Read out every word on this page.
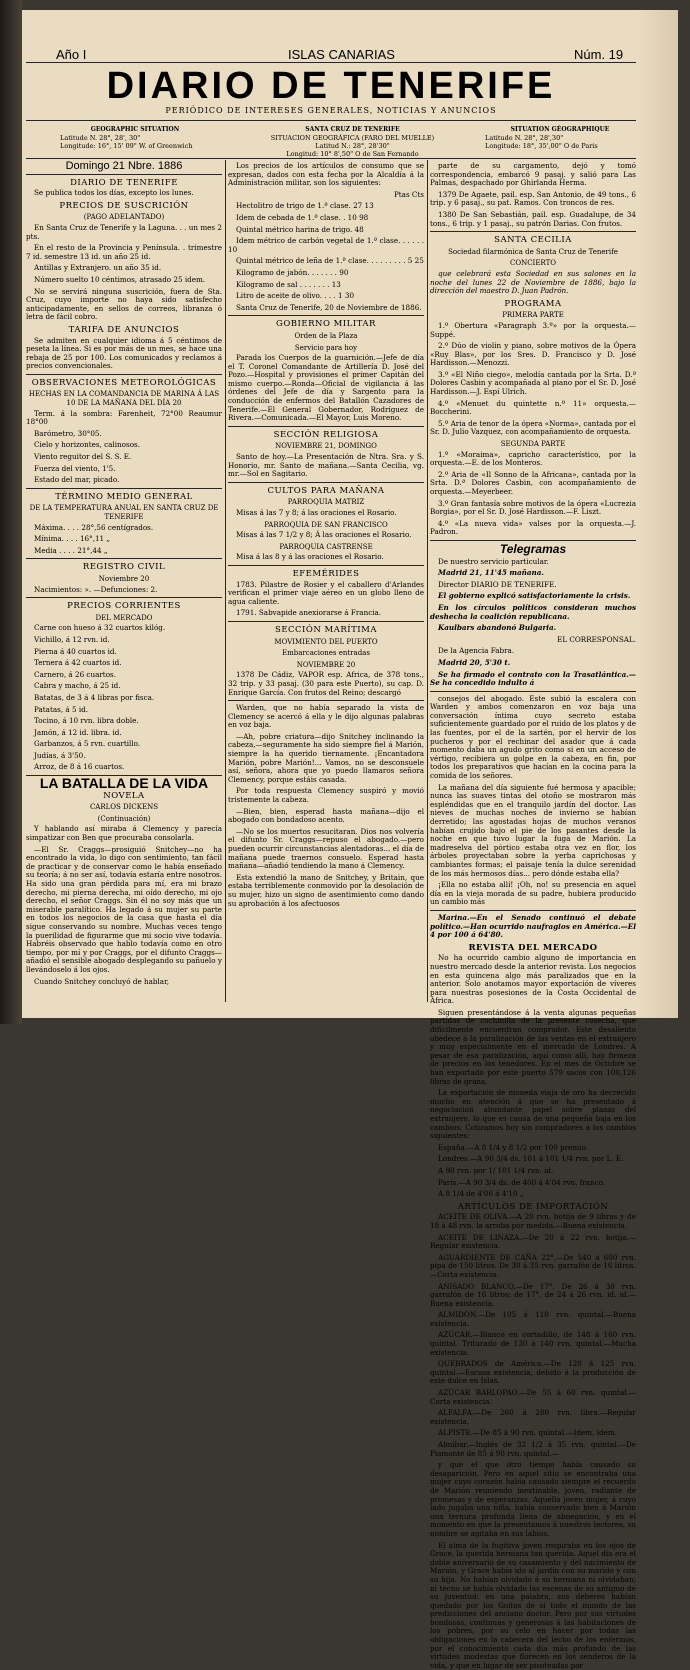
Año I	ISLAS CANARIAS	Núm. 19
DIARIO DE TENERIFE
PERIÓDICO DE INTERESES GENERALES, NOTICIAS Y ANUNCIOS
GEOGRAPHIC SITUATION
Latitude N. 28°, 28', 30"
Longitude: 16°, 15' 09" W. of Greenwich
SANTA CRUZ DE TENERIFE
SITUACION GEOGRÁFICA (FARO DEL MUELLE)
Latitud N.: 28°, 28'30"
Longitud: 10° 8',50" O de San Fernando
SITUATION GÉOGRAPHIQUE
Latitude N. 28°, 28',30"
Longitude: 18°, 35',00" O de Paris
Domingo 21 Nbre. 1886
DIARIO DE TENERIFE

Se publica todos los días, excepto los lunes.

PRECIOS DE SUSCRICIÓN
(PAGO ADELANTADO)

En Santa Cruz de Tenerife y la Laguna. . . un mes 2 pts.

En el resto de la Provincia y Península. . trimestre 7 id. semestre 13 id. un año 25 id.

Antillas y Extranjero. un año 35 id.

Número suelto 10 céntimos, atrasado 25 idem.

No se servirá ninguna suscrición, fuera de Sta. Cruz, cuyo importe no haya sido satisfecho anticipadamente, en sellos de correos, libranza ó letra de fácil cobro.

TARIFA DE ANUNCIOS

Se admiten en cualquier idioma á 5 céntimos de peseta la línea. Si es por más de un mes, se hace una rebaja de 25 por 100. Los comunicados y reclamos á precios convencionales.

OBSERVACIONES METEOROLÓGICAS
HECHAS EN LA COMANDANCIA DE MARINA Á LAS 10 DE LA MAÑANA DEL DÍA 20

Term. á la sombra: Farenheit, 72°00 Reaumur 18°00

Barómetro, 30°05.

Cielo y horizontes, calinosos.

Viento reguitor del S. S. E.

Fuerza del viento, 1'5.

Estado del mar, picado.

TÉRMINO MEDIO GENERAL
DE LA TEMPERATURA ANUAL EN SANTA CRUZ DE TENERIFE

Máxima. . . . 28°,56 centígrados.

Mínima. . . . 16°,11 „

Media . . . . 21°,44 „

REGISTRO CIVIL
Noviembre 20

Nacimientos: ». —Defunciones: 2.

PRECIOS CORRIENTES
DEL MERCADO

Carne con hueso á 32 cuartos kilóg.

Vichillo, á 12 rvn. id.

Pierna á 40 cuartos id.

Ternera á 42 cuartos id.

Carnero, á 26 cuartos.

Cabra y macho, á 25 id.

Batatas, de 3 á 4 libras por fisca.

Patatas, á 5 id.

Tocino, á 10 rvn. libra doble.

Jamón, á 12 id. libra. id.

Garbanzos, á 5 rvn. cuartillo.

Judías, á 3'50.

Arroz, de 8 á 16 cuartos.

LA BATALLA DE LA VIDA
NOVELA
CARLOS DICKENS
(Continuación)

Y hablando así miraba á Clemency y parecía simpatizar con Ben que procuraba consolarla.

—El Sr. Craggs—prosiguió Snitchey—no ha encontrado la vida, lo digo con sentimiento, tan fácil de practicar y de conservar como le había enseñado su teoría; á no ser así, todavía estaría entre nosotros. Ha sido una gran pérdida para mí, era mi brazo derecho, mi pierna derecha, mi oído derecho, mi ojo derecho, el señor Craggs. Sin él no soy más que un miserable paralítico. Ha legado á su mujer su parte en todos los negocios de la casa que hasta el día sigue conservando su nombre. Muchas veces tengo la puerilidad de figurarme que mi socio vive todavía. Habréis observado que hablo todavía como en otro tiempo, por mí y por Craggs, por el difunto Craggs—añadió el sensible abogado desplegando su pañuelo y llevándoselo á los ojos.

Cuando Snitchey concluyó de hablar,

Los precios de los artículos de consumo que se expresan, dados con esta fecha por la Alcaldía á la Administración militar, son los siguientes:

Ptas Cts

Hectolitro de trigo de 1.ª clase. 27 13

Idem de cebada de 1.ª clase. . 10 98

Quintal métrico harina de trigo. 48

Idem métrico de carbón vegetal de 1.ª clase. . . . . . 10

Quintal métrico de leña de 1.ª clase. . . . . . . . . 5 25

Kilogramo de jabón. . . . . . . 90

Kilogramo de sal . . . . . . . 13

Litro de aceite de olivo. . . . 1 30

Santa Cruz de Tenerife, 20 de Noviembre de 1886.

GOBIERNO MILITAR
Orden de la Plaza
Servicio para hoy

Parada los Cuerpos de la guarnición.—Jefe de día el T. Coronel Comandante de Artillería D. José del Pozo.—Hospital y provisiones el primer Capitán del mismo cuerpo.—Ronda—Oficial de vigilancia á las órdenes del Jefe de día y Sargento para la conducción de enfermos del Batallón Cazadores de Tenerife.—El General Gobernador, Rodríguez de Rivera.—Comunicada.—El Mayor, Luis Moreno.

SECCIÓN RELIGIOSA
NOVIEMBRE 21, DOMINGO

Santo de hoy.—La Presentación de Ntra. Sra. y S. Honorio, mr. Santo de mañana.—Santa Cecilia, vg. mr.—Sol en Sagitario.

CULTOS PARA MAÑANA
PARROQUIA MATRIZ

Misas á las 7 y 8; á las oraciones el Rosario.

PARROQUIA DE SAN FRANCISCO

Misas á las 7 1/2 y 8; Á las oraciones el Rosario.

PARROQUIA CASTRENSE

Misa á las 8 y á las oraciones el Rosario.

EFEMÉRIDES

1783. Pilastre de Rosier y el caballero d'Arlandes verifican el primer viaje aéreo en un globo lleno de agua caliente.

1791. Sabvapide anexiorarse á Francia.

SECCIÓN MARÍTIMA
MOVIMIENTO DEL PUERTO
Embarcaciones entradas
NOVIEMBRE 20

1378 De Cádiz, VAPOR esp. Africa, de 378 tons., 32 trip. y 33 pasaj. (30 para este Puerto), su cap. D. Enrique García. Con frutos del Reino; descargó

Warden, que no había separado la vista de Clemency se acercó á ella y le dijo algunas palabras en voz baja.

—Ah, pobre criatura—dijo Snitchey inclinando la cabeza,—seguramente ha sido siempre fiel á Marión, siempre la ha querido tiernamente. ¡Encantadora Marión, pobre Marión!... Vamos, no se desconsuele así, señora, ahora que yo puedo llamaros señora Clemency, porque estáis casada.

Por toda respuesta Clemency suspiró y movió tristemente la cabeza.

—Bien, bien, esperad hasta mañana—dijo el abogado con bondadoso acento.

—No se los muertos resucitaran. Dios nos volvería el difunto Sr. Craggs—repuso el abogado.—pero pueden ocurrir circunstancias alentadoras... el día de mañana puede traernos consuelo. Esperad hasta mañana—añadió tendiendo la mano á Clemency.

Esta extendió la mano de Snitchey, y Britain, que estaba terriblemente conmovido por la desolación de su mujer, hizo un signo de asentimiento como dando su aprobación á los afectuosos

parte de su cargamento, dejó y tomó correspondencia, embarcó 9 pasaj. y salió para Las Palmas, despachado por Ghirlanda Herma.

1379 De Agaete, pail. esp. San Antonio, de 49 tons., 6 trip. y 6 pasaj., su pat. Ramos. Con troncos de res.

1380 De San Sebastián, pail. esp. Guadalupe, de 34 tons., 6 trip. y 1 pasaj., su patrón Darias. Con frutos.

SANTA CECILIA
Sociedad filarmónica de Santa Cruz de Tenerife
CONCIERTO

que celebrará esta Sociedad en sus salones en la noche del lunes 22 de Noviembre de 1886, bajo la dirección del maestro D. Juan Padrón.

PROGRAMA
PRIMERA PARTE

1.º Obertura «Paragraph 3.º» por la orquesta.—Suppé.

2.º Dúo de violín y piano, sobre motivos de la Ópera «Ruy Blas», por los Sres. D. Francisco y D. José Hardisson.—Menozzi.

3.º «El Niño ciego», melodía cantada por la Srta. D.ª Dolores Casbin y acompañada al piano por el Sr. D. José Hardisson.—J. Espí Ulrich.

4.º «Menuet du quintette n.º 11» orquesta.—Boccherini.

5.º Aria de tenor de la ópera «Norma», cantada por el Sr. D. Julio Vazquez, con acompañamiento de orquesta.

SEGUNDA PARTE

1.º «Moraima», capricho característico, por la orquesta.—E. de los Monteros.

2.º Aria de «Il Sonno de la Africana», cantada por la Srta. D.ª Dolores Casbin, con acompañamiento de orquesta.—Meyerbeer.

3.º Gran fantasía sobre motivos de la ópera «Lucrezia Borgia», por el Sr. D. José Hardisson.—F. Liszt.

4.º «La nueva vida» valses por la orquesta.—J. Padron.

Telegramas

De nuestro servicio particular.

Madrid 21, 11'45 mañana.

Director DIARIO DE TENERIFE.

El gobierno explicó satisfactoriamente la crisis.

En los círculos políticos consideran muchos deshecha la coalición republicana.

Kaulbars abandonó Bulgaria.

EL CORRESPONSAL.

De la Agencia Fabra.

Madrid 20, 5'30 t.

Se ha firmado el contrato con la Trasatlántica.—Se ha concedido indulto á

consejos del abogado. Este subió la escalera con Warden y ambos comenzaron en voz baja una conversación íntima cuyo secreto estaba suficientemente guardado por el ruido de los platos y de las fuentes, por el de la sartén, por el hervir de los pucheros y por el rechinar del asador que á cada momento daba un agudo grito como si en un acceso de vértigo, recibiera un golpe en la cabeza, en fin, por todos los preparativos que hacían en la cocina para la comida de los señores.

La mañana del día siguiente fué hermosa y apacible; nunca las suaves tintas del otoño se mostraron más espléndidas que en el tranquilo jardín del doctor. Las nieves de muchas noches de invierno se habían derretido; las agostadas hojas de muchos veranos habían crujido bajo el pie de los pasantes desde la noche en que tuvo lugar la fuga de Marión. La madreselva del pórtico estaba otra vez en flor, los árboles proyectaban sobre la yerba caprichosas y cambiantes formas; el paisaje tenía la dulce serenidad de los más hermosos días... pero dónde estaba ella?

¡Ella no estaba allí! ¡Oh, no! su presencia en aquel día en la vieja morada de su padre, hubiera producido un cambio más

Marina.—En el Senado continuó el debate político.—Han ocurrido naufragios en América.—El 4 por 100 á 64'80.

REVISTA DEL MERCADO

No ha ocurrido cambio alguno de importancia en nuestro mercado desde la anterior revista. Los negocios en esta quincena algo más paralizados que en la anterior. Solo anotamos mayor exportación de víveres para nuestras posesiones de la Costa Occidental de África.

Siguen presentándose á la venta algunas pequeñas partidas de cochinilla de la presente cosecha, que difícilmente encuentran comprador. Este desaliento obedece á la paralización de las ventas en el extranjero y muy especialmente en el mercado de Londres. A pesar de esa paralización, aquí como allí, hay firmeza de precios en los tenedores. En el mes de Octubre se han exportado por este puerto 579 sacos con 100,126 libras de grana.

La exportación de moneda viaja de oro ha decrecido mucho en atención á que se ha presentado á negociación abundante papel sobre plazas del extranjero, lo que es causa de una pequeña baja en los cambios. Cotizamos hoy sin compradores á los cambios siguientes:

España.—A 8 1/4 y 8 1/2 por 100 premio.

Londres.—A 90 3/4 ds. 101 á 101 1/4 rvn. por L. E.

A 90 rvn. por 1/ 101 1/4 rvn. id.

París.—A 90 3/4 ds. de 400 á 4'04 rvn. franco.

A 8 1/4 de 4'06 á 4'10 „

ARTÍCULOS DE IMPORTACIÓN

ACEITE DE OLIVA.—A 20 rvn. botija de 9 libras y de 18 á 48 rvn. la arroba por medida.—Buena existencia.

ACEITE DE LINAZA.—De 20 á 22 rvn. botija.—Regular existencia.

AGUARDIENTE DE CAÑA 22°.—De 540 á 600 rvn. pipa de 150 litros. De 30 á 35 rvn. garrafón de 16 litros.—Corta existencia.

ANISADO BLANCO.—De 17°. De 26 á 30 rvn. garrafón de 16 litros; de 17°, de 24 á 26 rvn. id. id.—Buena existencia.

ALMIDÓN.—De 105 á 110 rvn. quintal.—Buena existencia.

AZÚCAR.—Blanco en cortadillo, de 148 á 160 rvn. quintal. Triturado de 130 á 140 rvn. quintal.—Mucha existencia.

QUEBRADOS de América.—De 120 á 125 rvn. quintal.—Escasa existencia, debido á la producción de este dulce en Islas.

AZÚCAR BARLOPAO.—De 55 á 60 rvn. quintal.—Corta existencia.

ALFALFA.—De 260 á 280 rvn. libra.—Regular existencia.

ALPISTE.—De 85 á 90 rvn. quintal.—Idem, idem.

Almíbar.—Inglés de 32 1/2 á 35 rvn. quintal.—De Piamonte de 85 á 90 rvn. quintal.—

y que el que otro tiempo había causado su desaparición. Pero en aquel sitio se encontraba una mujer cuyo corazón había causado siempre el recuerdo de Marión reuniendo inextinable, joven, radiante de promesas y de esperanzas. Aquella joven mujer, á cuyo lado jugaba una niña, había conservado bien á Marión una ternura profunda llena de abnegación, y en el momento en que la presentamos á nuestros lectores, su nombre se agitaba en sus labios.

El alma de la fugitiva joven respiraba en los ojos de Grace, la querida hermana tan querida. Aquel día era el doble aniversario de su casamiento y del nacimiento de Marión, y Grace había ido al jardín con su marido y con su hija. No habían olvidado á su hermana ni olvidaban; ni tecno se había olvidado las escenas de su antiguo de su juventud: en una palabra, sus deberes habían quedado por los Goitos de sí todo el mundo de las predicciones del anciano doctor. Pero por sus virtudes bondosas, continuas y generosas á las habitaciones de los pobres, por su celo en hacer por todas las obligaciones en la cabecera del lecho de los enfermos, por el conocimiento cada día más profundo de las virtudes modestas que florecen en los senderos de la vida, y que en lugar de ser pisoteadas por
